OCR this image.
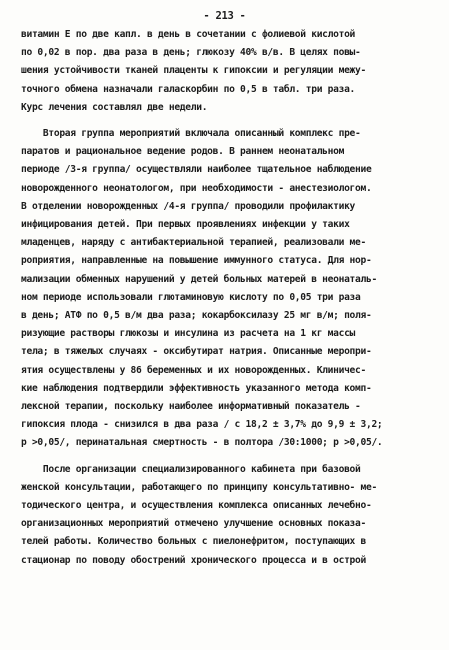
- 213 -
витамин Е по две капл. в день в сочетании с фолиевой кислотой
по 0,02 в пор. два раза в день; глюкозу 40% в/в. В целях повы-
шения устойчивости тканей плаценты к гипоксии и регуляции межу-
точного обмена назначали галаскорбин по 0,5 в табл. три раза.
Курс лечения составлял две недели.
Вторая группа мероприятий включала описанный комплекс пре-
паратов и рациональное ведение родов. В раннем неонатальном
периоде /3-я группа/ осуществляли наиболее тщательное наблюдение
новорожденного неонатологом, при необходимости - анестезиологом.
В отделении новорожденных /4-я группа/ проводили профилактику
инфицирования детей. При первых проявлениях инфекции у таких
младенцев, наряду с антибактериальной терапией, реализовали ме-
роприятия, направленные на повышение иммунного статуса. Для нор-
мализации обменных нарушений у детей больных матерей в неонаталь-
ном периоде использовали глютаминовую кислоту по 0,05 три раза
в день; АТФ по 0,5 в/м два раза; кокарбоксилазу 25 мг в/м; поля-
ризующие растворы глюкозы и инсулина из расчета на 1 кг массы
тела; в тяжелых случаях - оксибутират натрия. Описанные меропри-
ятия осуществлены у 86 беременных и их новорожденных. Клиничес-
кие наблюдения подтвердили эффективность указанного метода комп-
лексной терапии, поскольку наиболее информативный показатель -
гипоксия плода - снизился в два раза / с 18,2 ± 3,7% до 9,9 ± 3,2;
р >0,05/, перинатальная смертность - в полтора /30:1000; р >0,05/.
После организации специализированного кабинета при базовой
женской консультации, работающего по принципу консультативно- ме-
тодического центра, и осуществления комплекса описанных лечебно-
организационных мероприятий отмечено улучшение основных показа-
телей работы. Количество больных с пиелонефритом, поступающих в
стационар по поводу обострений хронического процесса и в острой
